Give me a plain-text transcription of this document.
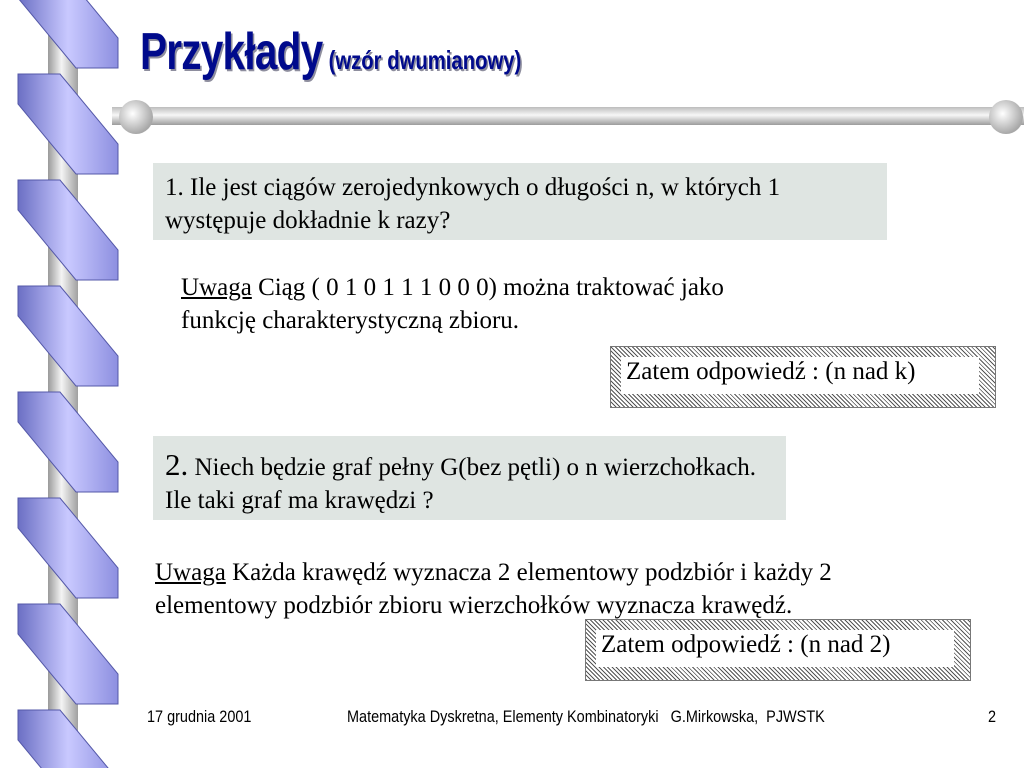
Przykłady (wzór dwumianowy)
1. Ile jest ciągów zerojedynkowych o długości n, w których 1 występuje dokładnie k razy?
Uwaga Ciąg ( 0 1 0 1 1 1 0 0 0) można traktować jako funkcję charakterystyczną zbioru.
Zatem odpowiedź : (n nad k)
2. Niech będzie graf pełny G(bez pętli) o n wierzchołkach. Ile taki graf ma krawędzi ?
Uwaga Każda krawędź wyznacza 2 elementowy podzbiór i każdy 2 elementowy podzbiór zbioru wierzchołków wyznacza krawędź.
Zatem odpowiedź : (n nad 2)
17 grudnia 2001	Matematyka Dyskretna, Elementy Kombinatoryki   G.Mirkowska,  PJWSTK	2
